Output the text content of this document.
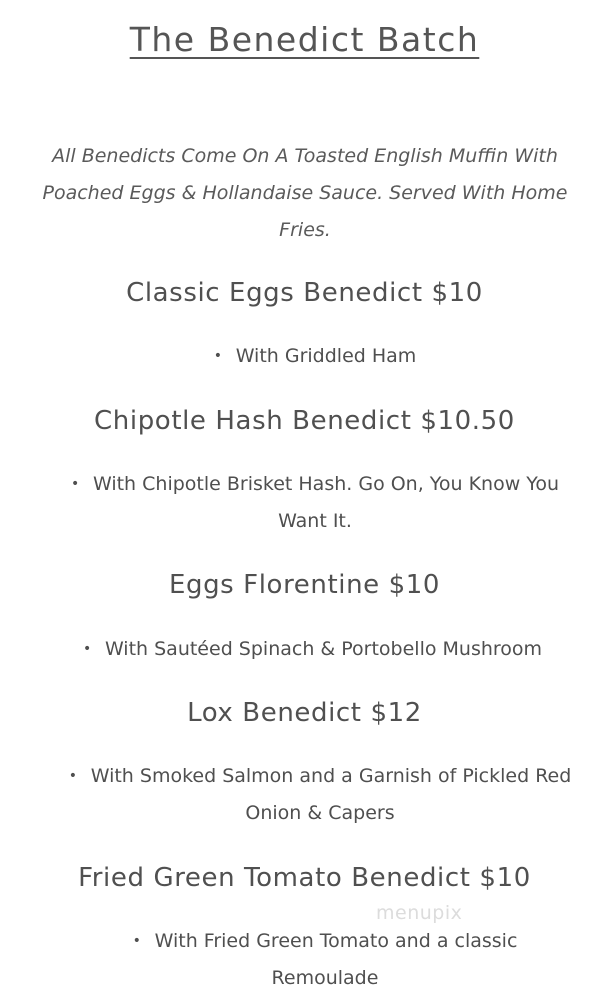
The Benedict Batch

All Benedicts Come On A Toasted English Muffin With Poached Eggs & Hollandaise Sauce. Served With Home Fries.

Classic Eggs Benedict $10
• With Griddled Ham
Chipotle Hash Benedict $10.50
• With Chipotle Brisket Hash. Go On, You Know You Want It.
Eggs Florentine $10
• With Sautéed Spinach & Portobello Mushroom
Lox Benedict $12
• With Smoked Salmon and a Garnish of Pickled Red Onion & Capers
Fried Green Tomato Benedict $10
menupix
• With Fried Green Tomato and a classic Remoulade
